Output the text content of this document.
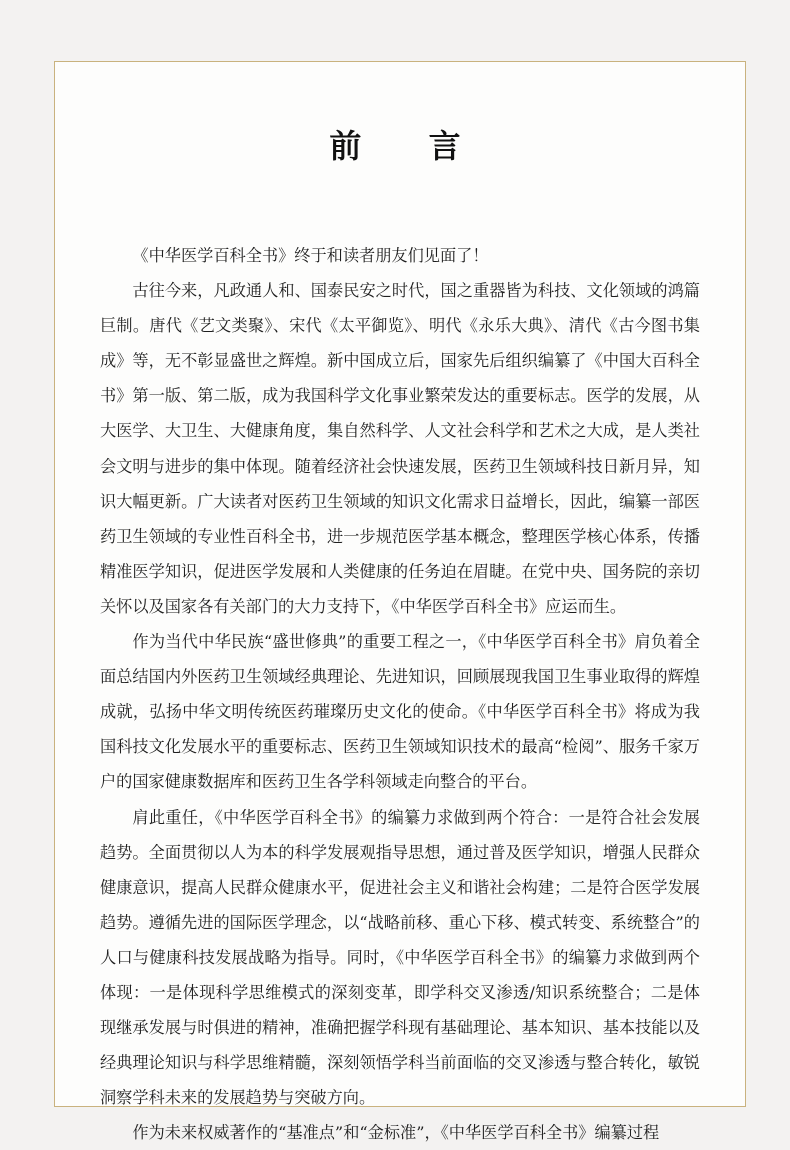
前 言

《中华医学百科全书》终于和读者朋友们见面了！

古往今来，凡政通人和、国泰民安之时代，国之重器皆为科技、文化领域的鸿篇巨制。唐代《艺文类聚》、宋代《太平御览》、明代《永乐大典》、清代《古今图书集成》等，无不彰显盛世之辉煌。新中国成立后，国家先后组织编纂了《中国大百科全书》第一版、第二版，成为我国科学文化事业繁荣发达的重要标志。医学的发展，从大医学、大卫生、大健康角度，集自然科学、人文社会科学和艺术之大成，是人类社会文明与进步的集中体现。随着经济社会快速发展，医药卫生领域科技日新月异，知识大幅更新。广大读者对医药卫生领域的知识文化需求日益增长，因此，编纂一部医药卫生领域的专业性百科全书，进一步规范医学基本概念，整理医学核心体系，传播精准医学知识，促进医学发展和人类健康的任务迫在眉睫。在党中央、国务院的亲切关怀以及国家各有关部门的大力支持下，《中华医学百科全书》应运而生。

作为当代中华民族“盛世修典”的重要工程之一，《中华医学百科全书》肩负着全面总结国内外医药卫生领域经典理论、先进知识，回顾展现我国卫生事业取得的辉煌成就，弘扬中华文明传统医药璀璨历史文化的使命。《中华医学百科全书》将成为我国科技文化发展水平的重要标志、医药卫生领域知识技术的最高“检阅”、服务千家万户的国家健康数据库和医药卫生各学科领域走向整合的平台。

肩此重任，《中华医学百科全书》的编纂力求做到两个符合：一是符合社会发展趋势。全面贯彻以人为本的科学发展观指导思想，通过普及医学知识，增强人民群众健康意识，提高人民群众健康水平，促进社会主义和谐社会构建；二是符合医学发展趋势。遵循先进的国际医学理念，以“战略前移、重心下移、模式转变、系统整合”的人口与健康科技发展战略为指导。同时，《中华医学百科全书》的编纂力求做到两个体现：一是体现科学思维模式的深刻变革，即学科交叉渗透/知识系统整合；二是体现继承发展与时俱进的精神，准确把握学科现有基础理论、基本知识、基本技能以及经典理论知识与科学思维精髓，深刻领悟学科当前面临的交叉渗透与整合转化，敏锐洞察学科未来的发展趋势与突破方向。

作为未来权威著作的“基准点”和“金标准”，《中华医学百科全书》编纂过程
